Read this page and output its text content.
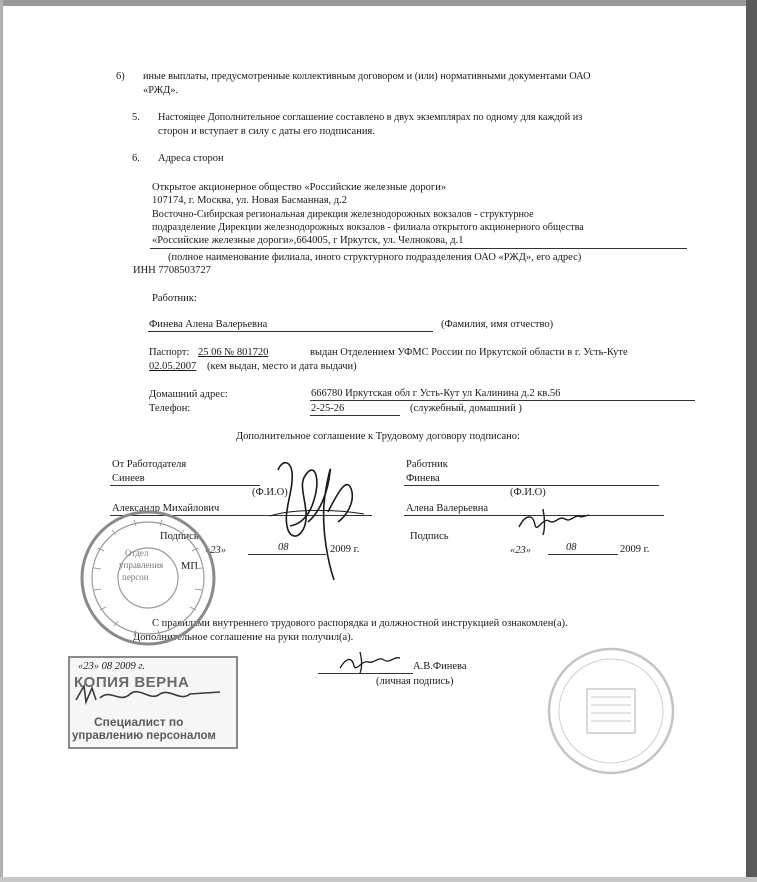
6) иные выплаты, предусмотренные коллективным договором и (или) нормативными документами ОАО
«РЖД».
5. Настоящее Дополнительное соглашение составлено в двух экземплярах по одному для каждой из
сторон и вступает в силу с даты его подписания.
6. Адреса сторон
Открытое акционерное общество «Российские железные дороги»
107174, г. Москва, ул. Новая Басманная, д.2
Восточно-Сибирская региональная дирекция железнодорожных вокзалов - структурное
подразделение Дирекции железнодорожных вокзалов - филиала открытого акционерного общества
«Российские железные дороги»,664005, г Иркутск, ул. Челнокова, д.1
(полное наименование филиала, иного структурного подразделения ОАО «РЖД», его адрес)
ИНН 7708503727
Работник:
Финева Алена Валерьевна	(Фамилия, имя отчество)
Паспорт: 25 06 № 801720	выдан Отделением УФМС России по Иркутской области в г. Усть-Куте
02.05.2007 (кем выдан, место и дата выдачи)
Домашний адрес:	666780 Иркутская обл г Усть-Кут ул Калинина д.2 кв.56
Телефон:	2-25-26	(служебный, домашний )
Дополнительное соглашение к Трудовому договору подписано:
От Работодателя
Синеев
(Ф.И.О)
Александр Михайлович
Подпись
«23»	08	2009 г.
МП
Работник
Финева
(Ф.И.О)
Алена Валерьевна
Подпись
«23»	08	2009 г.
С правилами внутреннего трудового распорядка и должностной инструкцией ознакомлен(а).
Дополнительное соглашение на руки получил(а).
А.В.Финева
(личная подпись)
«23» 08 2009 г.
КОПИЯ ВЕРНА
Специалист по
управлению персоналом
Отдел
управления
персон
